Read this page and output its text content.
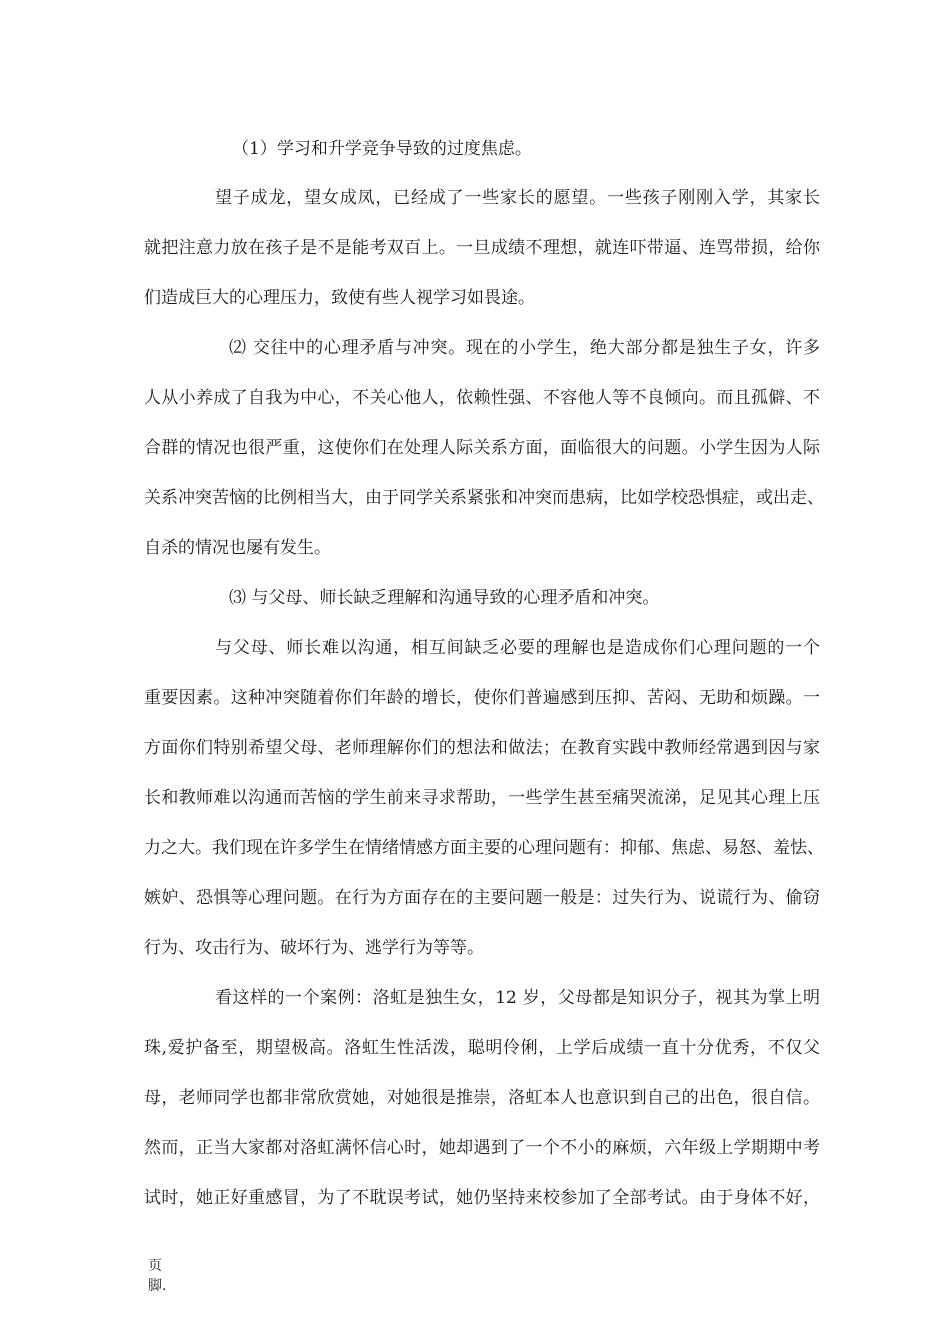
（1）学习和升学竞争导致的过度焦虑。

望子成龙，望女成凤，已经成了一些家长的愿望。一些孩子刚刚入学，其家长

就把注意力放在孩子是不是能考双百上。一旦成绩不理想，就连吓带逼、连骂带损，给你

们造成巨大的心理压力，致使有些人视学习如畏途。

⑵ 交往中的心理矛盾与冲突。现在的小学生，绝大部分都是独生子女，许多

人从小养成了自我为中心，不关心他人，依赖性强、不容他人等不良倾向。而且孤僻、不

合群的情况也很严重，这使你们在处理人际关系方面，面临很大的问题。小学生因为人际

关系冲突苦恼的比例相当大，由于同学关系紧张和冲突而患病，比如学校恐惧症，或出走、

自杀的情况也屡有发生。

⑶ 与父母、师长缺乏理解和沟通导致的心理矛盾和冲突。

与父母、师长难以沟通，相互间缺乏必要的理解也是造成你们心理问题的一个

重要因素。这种冲突随着你们年龄的增长，使你们普遍感到压抑、苦闷、无助和烦躁。一

方面你们特别希望父母、老师理解你们的想法和做法；在教育实践中教师经常遇到因与家

长和教师难以沟通而苦恼的学生前来寻求帮助，一些学生甚至痛哭流涕，足见其心理上压

力之大。我们现在许多学生在情绪情感方面主要的心理问题有：抑郁、焦虑、易怒、羞怯、

嫉妒、恐惧等心理问题。在行为方面存在的主要问题一般是：过失行为、说谎行为、偷窃

行为、攻击行为、破坏行为、逃学行为等等。

看这样的一个案例：洛虹是独生女，12 岁，父母都是知识分子，视其为掌上明

珠,爱护备至，期望极高。洛虹生性活泼，聪明伶俐，上学后成绩一直十分优秀，不仅父

母，老师同学也都非常欣赏她，对她很是推崇，洛虹本人也意识到自己的出色，很自信。

然而，正当大家都对洛虹满怀信心时，她却遇到了一个不小的麻烦，六年级上学期期中考

试时，她正好重感冒，为了不耽误考试，她仍坚持来校参加了全部考试。由于身体不好，

页
脚.
